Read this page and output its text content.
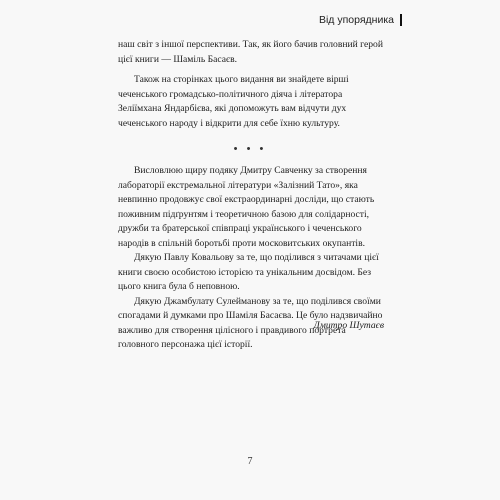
Від упорядника

наш світ з іншої перспективи. Так, як його бачив головний герой цієї книги — Шаміль Басаєв.

Також на сторінках цього видання ви знайдете вірші чеченського громадсько-політичного діяча і літератора Зеліїмхана Яндарбієва, які допоможуть вам відчути дух чеченського народу і відкрити для себе їхню культуру.

• • •

Висловлюю щиру подяку Дмитру Савченку за створення лабораторії екстремальної літератури «Залізний Тато», яка невпинно продовжує свої екстраординарні досліди, що стають поживним підґрунтям і теоретичною базою для солідарності, дружби та братерської співпраці українського і чеченського народів в спільній боротьбі проти московитських окупантів.

Дякую Павлу Ковальову за те, що поділився з читачами цієї книги своєю особистою історією та унікальним досвідом. Без цього книга була б неповною.

Дякую Джамбулату Сулейманову за те, що поділився своїми спогадами й думками про Шаміля Басаєва. Це було надзвичайно важливо для створення цілісного і правдивого портрета головного персонажа цієї історії.

Дмитро Шутаєв
7
